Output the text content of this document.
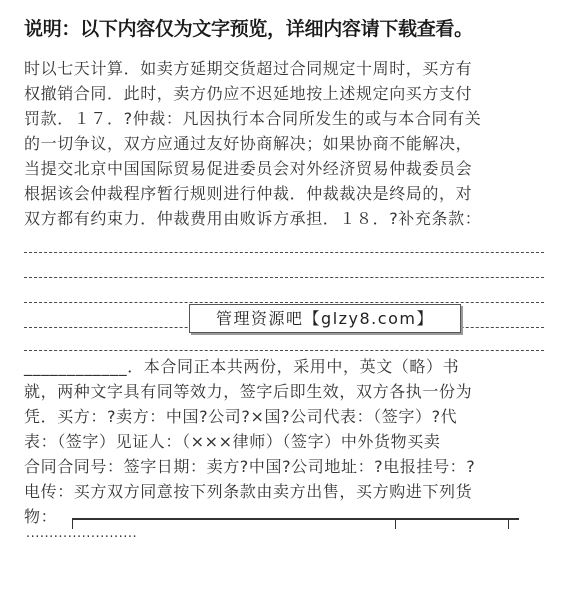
说明：以下内容仅为文字预览，详细内容请下载查看。
时以七天计算．如卖方延期交货超过合同规定十周时，买方有
权撤销合同．此时，卖方仍应不迟延地按上述规定向买方支付
罚款．１７．?仲裁：凡因执行本合同所发生的或与本合同有关
的一切争议，双方应通过友好协商解决；如果协商不能解决，
当提交北京中国国际贸易促进委员会对外经济贸易仲裁委员会
根据该会仲裁程序暂行规则进行仲裁．仲裁裁决是终局的，对
双方都有约束力．仲裁费用由败诉方承担．１８．?补充条款：
管理资源吧【glzy8.com】
____________．本合同正本共两份，采用中，英文（略）书
就，两种文字具有同等效力，签字后即生效，双方各执一份为
凭．买方：?卖方：中国?公司?×国?公司代表：（签字）?代
表：（签字）见证人：（×××律师）（签字）中外货物买卖
合同合同号：签字日期：卖方?中国?公司地址：?电报挂号：?
电传：买方双方同意按下列条款由卖方出售，买方购进下列货
物：
························
